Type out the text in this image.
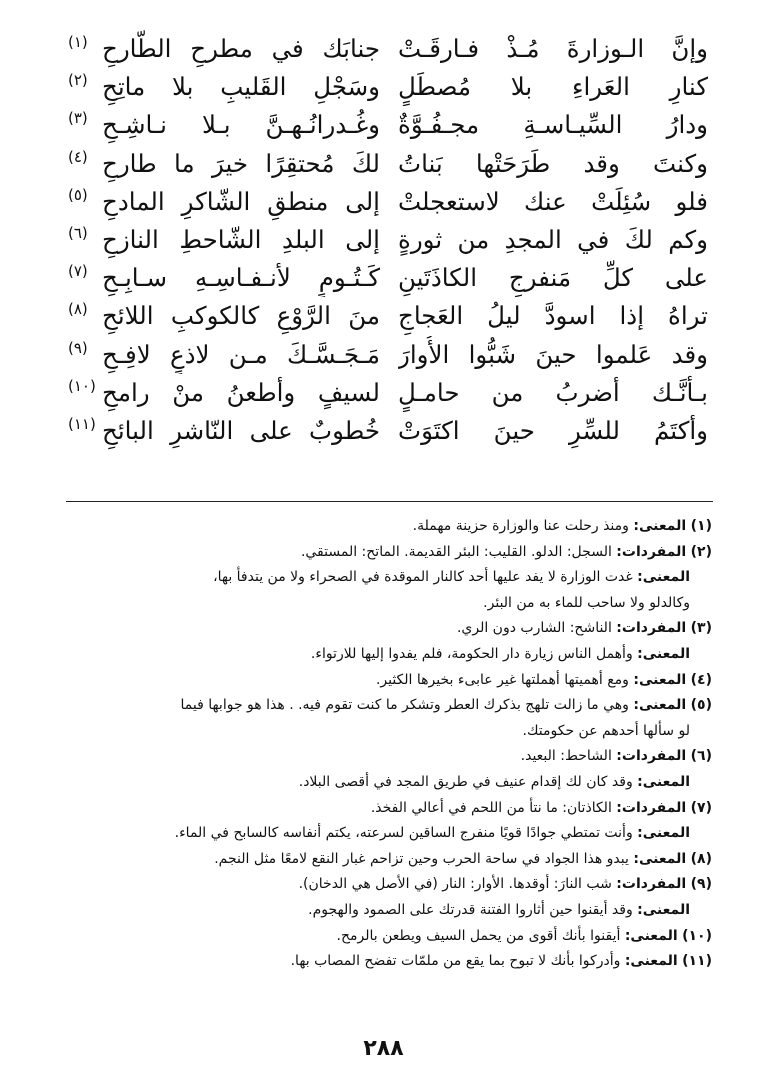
وإنَّ الـوزارةَ مُـذْ فـارقَـتْ
جنابَك في مطرحِ الطّارحِ
(١)
كنارِ العَراءِ بلا مُصطَلٍ
وسَجْلِ القَليبِ بلا ماتِحِ
(٢)
ودارُ السِّيـاسـةِ مجـفُـوَّةٌ
وغُـدرانُـهـنَّ بـلا نـاشِـحِ
(٣)
وكنتَ وقد طَرَحَتْها بَناتُ
لكَ مُحتقِرًا خيرَ ما طارحِ
(٤)
فلو سُئِلَتْ عنك لاستعجلتْ
إلى منطقِ الشّاكرِ المادحِ
(٥)
وكم لكَ في المجدِ من ثورةٍ
إلى البلدِ الشّاحطِ النازحِ
(٦)
على كلِّ مَنفرجِ الكاذَتَينِ
كَـتُـومٍ لأنـفـاسِـهِ سـابِـحِ
(٧)
تراهُ إذا اسودَّ ليلُ العَجاجِ
منَ الرَّوْعِ كالكوكبِ اللائحِ
(٨)
وقد عَلموا حينَ شَبُّوا الأُوارَ
مَـجَـسَّـكَ مـن لاذعٍ لافِـحِ
(٩)
بـأنَّـك أضربُ من حامـلٍ
لسيفٍ وأطعنُ منْ رامحِ
(١٠)
وأكتَمُ للسِّرِ حينَ اكتَوَتْ
خُطوبٌ على النّاشرِ البائحِ
(١١)
(١) المعنى: ومنذ رحلت عنا والوزارة حزينة مهملة.
(٢) المفردات: السجل: الدلو. القليب: البئر القديمة. الماتح: المستقي.
المعنى: غدت الوزارة لا يفد عليها أحد كالنار الموقدة في الصحراء ولا من يتدفأ بها،
وكالدلو ولا ساحب للماء به من البئر.
(٣) المفردات: الناشح: الشارب دون الري.
المعنى: وأهمل الناس زيارة دار الحكومة، فلم يفدوا إليها للارتواء.
(٤) المعنى: ومع أهميتها أهملتها غير عابىء بخيرها الكثير.
(٥) المعنى: وهي ما زالت تلهج بذكرك العطر وتشكر ما كنت تقوم فيه. . هذا هو جوابها فيما
لو سألها أحدهم عن حكومتك.
(٦) المفردات: الشاحط: البعيد.
المعنى: وقد كان لك إقدام عنيف في طريق المجد في أقصى البلاد.
(٧) المفردات: الكاذتان: ما نتأ من اللحم في أعالي الفخذ.
المعنى: وأنت تمتطي جوادًا قويًا منفرج الساقين لسرعته، يكتم أنفاسه كالسابح في الماء.
(٨) المعنى: يبدو هذا الجواد في ساحة الحرب وحين تزاحم غبار النقع لامعًا مثل النجم.
(٩) المفردات: شب النارَ: أوقدها. الأوار: النار (في الأصل هي الدخان).
المعنى: وقد أيقنوا حين أثاروا الفتنة قدرتك على الصمود والهجوم.
(١٠) المعنى: أيقنوا بأنك أقوى من يحمل السيف ويطعن بالرمح.
(١١) المعنى: وأدركوا بأنك لا تبوح بما يقع من ملمّات تفضح المصاب بها.
٢٨٨
